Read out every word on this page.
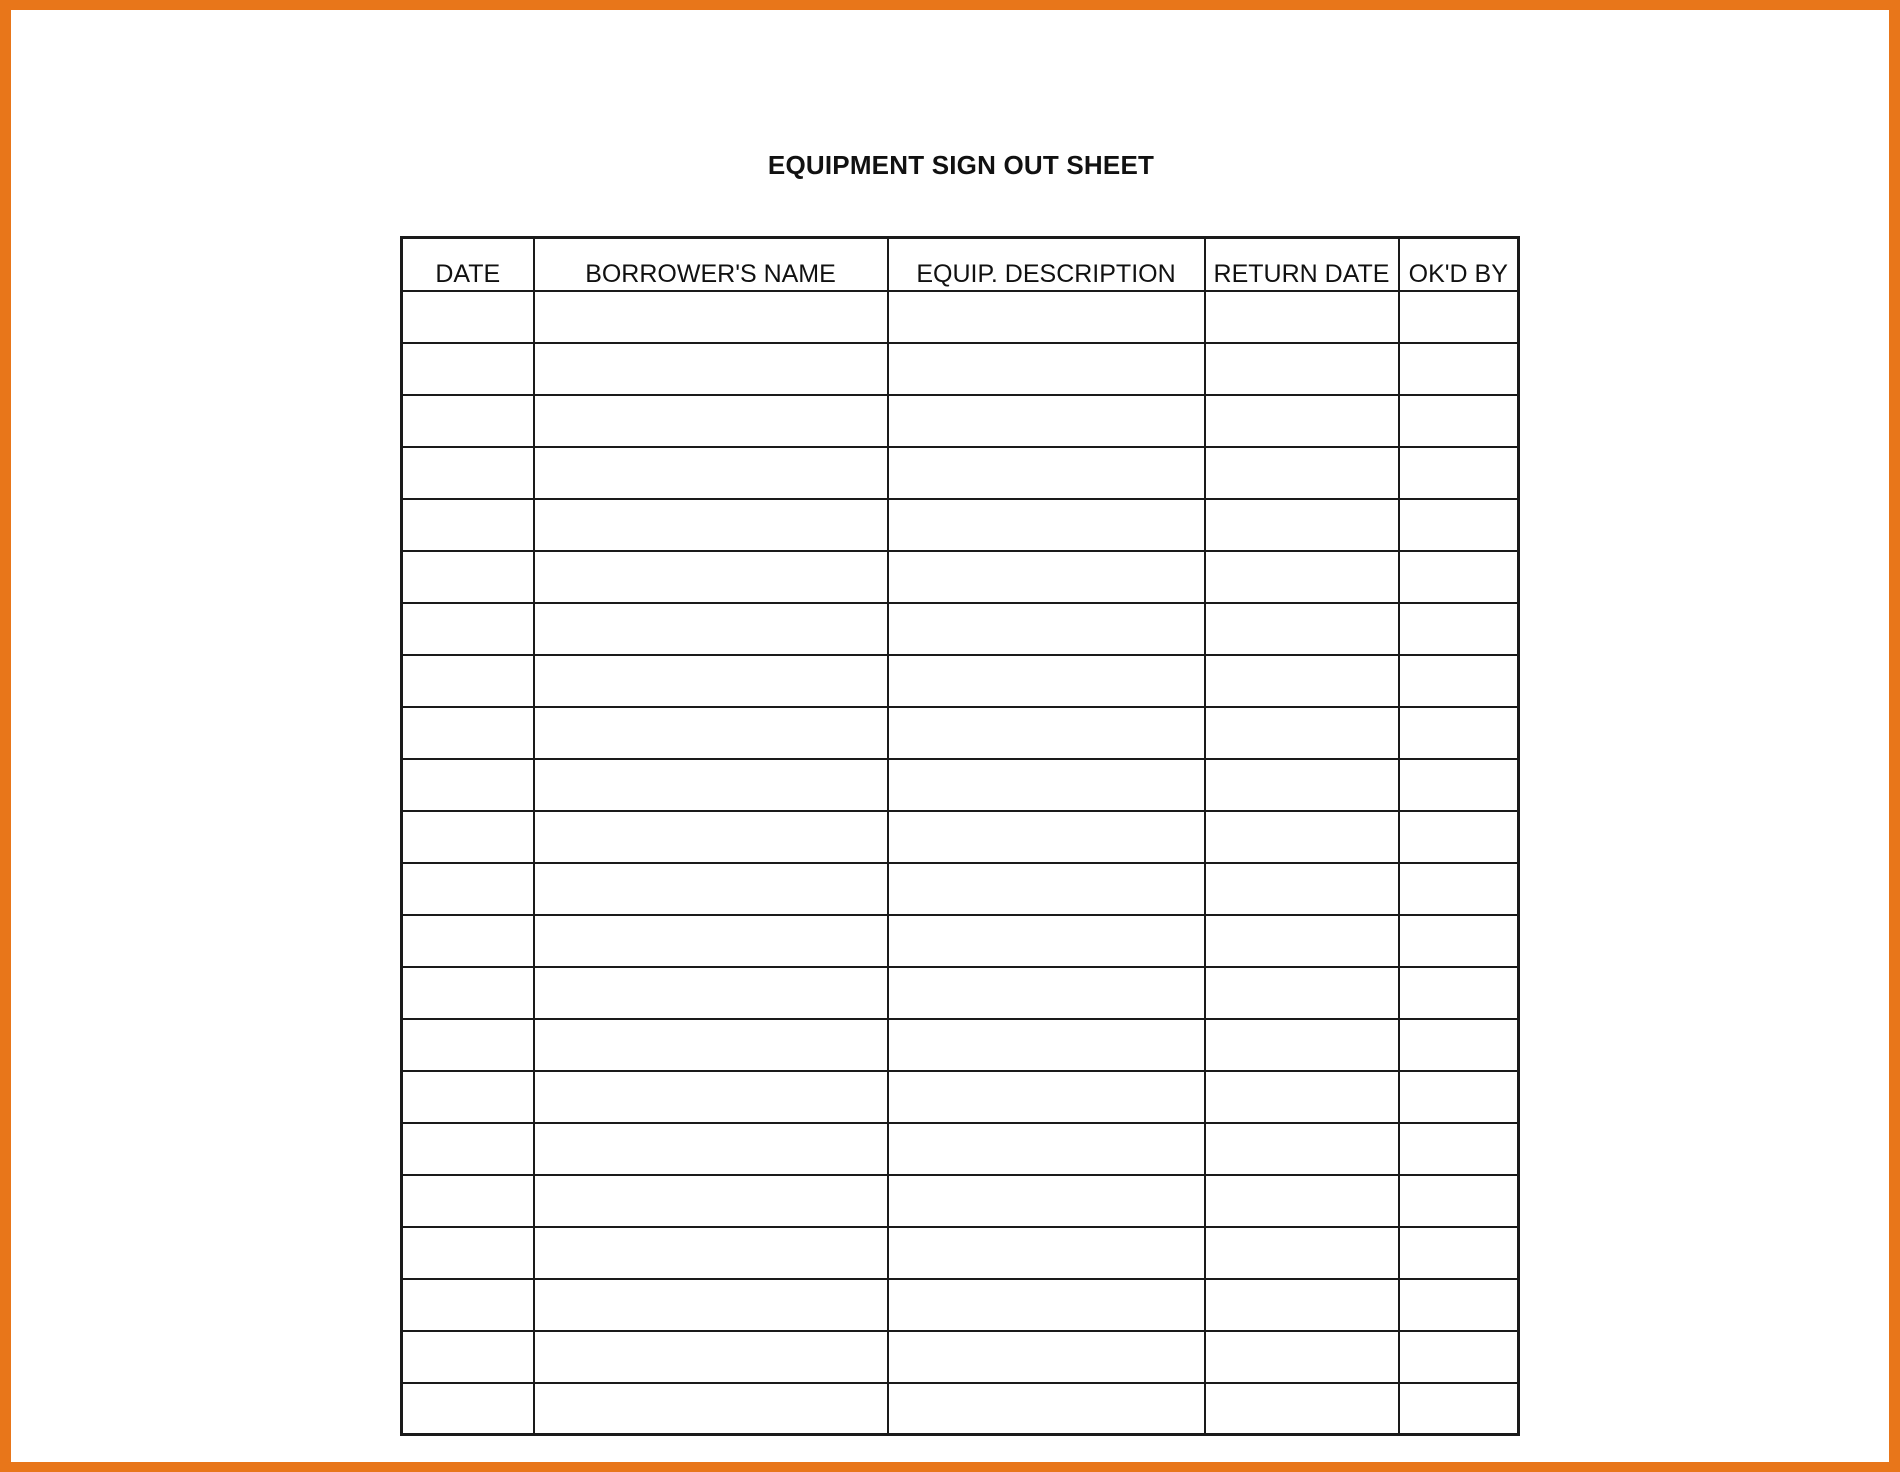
EQUIPMENT SIGN OUT SHEET
DATE	BORROWER'S NAME	EQUIP. DESCRIPTION	RETURN DATE	OK'D BY
